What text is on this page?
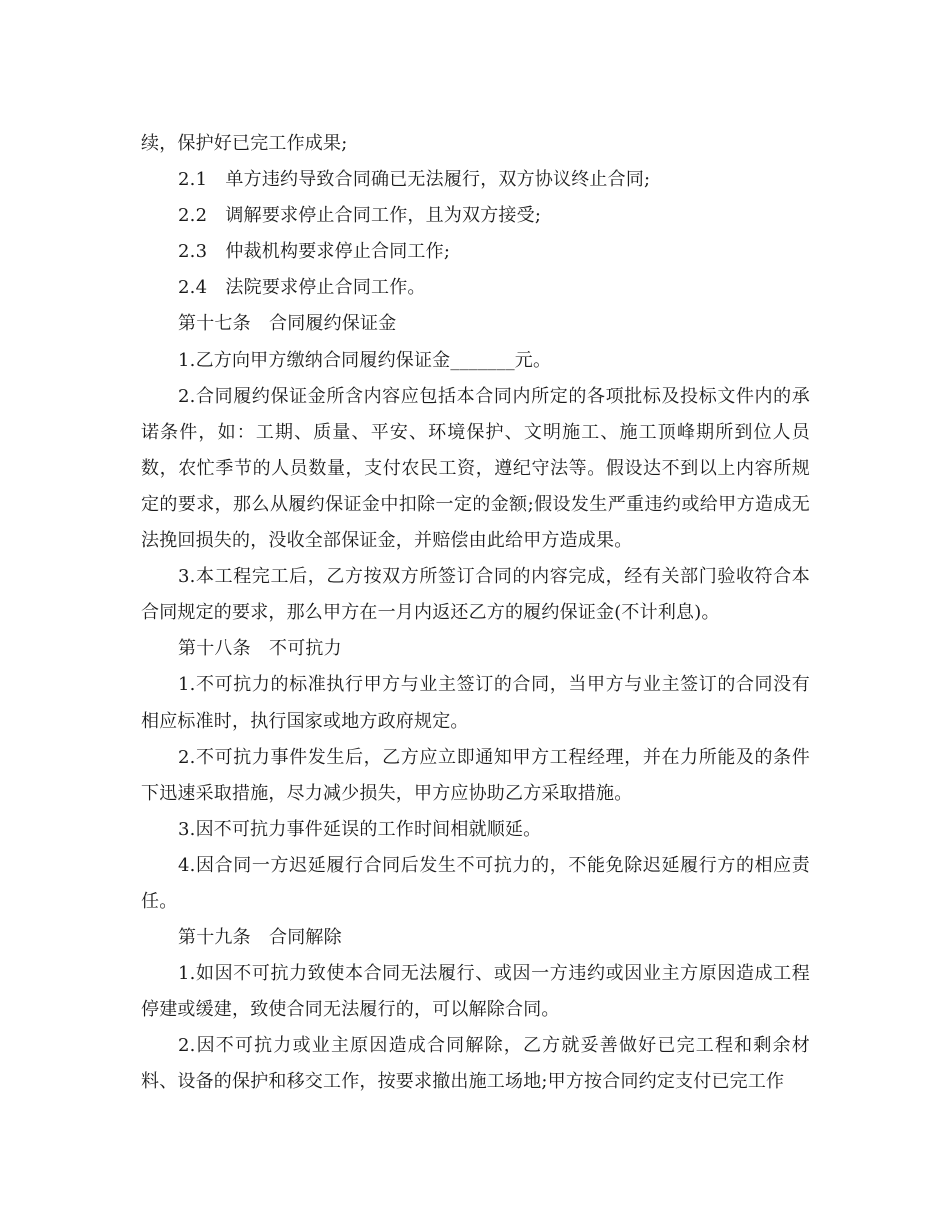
续，保护好已完工作成果;

2.1　单方违约导致合同确已无法履行，双方协议终止合同;

2.2　调解要求停止合同工作，且为双方接受;

2.3　仲裁机构要求停止合同工作;

2.4　法院要求停止合同工作。

第十七条　合同履约保证金

1.乙方向甲方缴纳合同履约保证金_______元。

2.合同履约保证金所含内容应包括本合同内所定的各项批标及投标文件内的承诺条件，如：工期、质量、平安、环境保护、文明施工、施工顶峰期所到位人员数，农忙季节的人员数量，支付农民工资，遵纪守法等。假设达不到以上内容所规定的要求，那么从履约保证金中扣除一定的金额;假设发生严重违约或给甲方造成无法挽回损失的，没收全部保证金，并赔偿由此给甲方造成果。

3.本工程完工后，乙方按双方所签订合同的内容完成，经有关部门验收符合本合同规定的要求，那么甲方在一月内返还乙方的履约保证金(不计利息)。

第十八条　不可抗力

1.不可抗力的标准执行甲方与业主签订的合同，当甲方与业主签订的合同没有相应标准时，执行国家或地方政府规定。

2.不可抗力事件发生后，乙方应立即通知甲方工程经理，并在力所能及的条件下迅速采取措施，尽力减少损失，甲方应协助乙方采取措施。

3.因不可抗力事件延误的工作时间相就顺延。

4.因合同一方迟延履行合同后发生不可抗力的，不能免除迟延履行方的相应责任。

第十九条　合同解除

1.如因不可抗力致使本合同无法履行、或因一方违约或因业主方原因造成工程停建或缓建，致使合同无法履行的，可以解除合同。

2.因不可抗力或业主原因造成合同解除，乙方就妥善做好已完工程和剩余材料、设备的保护和移交工作，按要求撤出施工场地;甲方按合同约定支付已完工作
